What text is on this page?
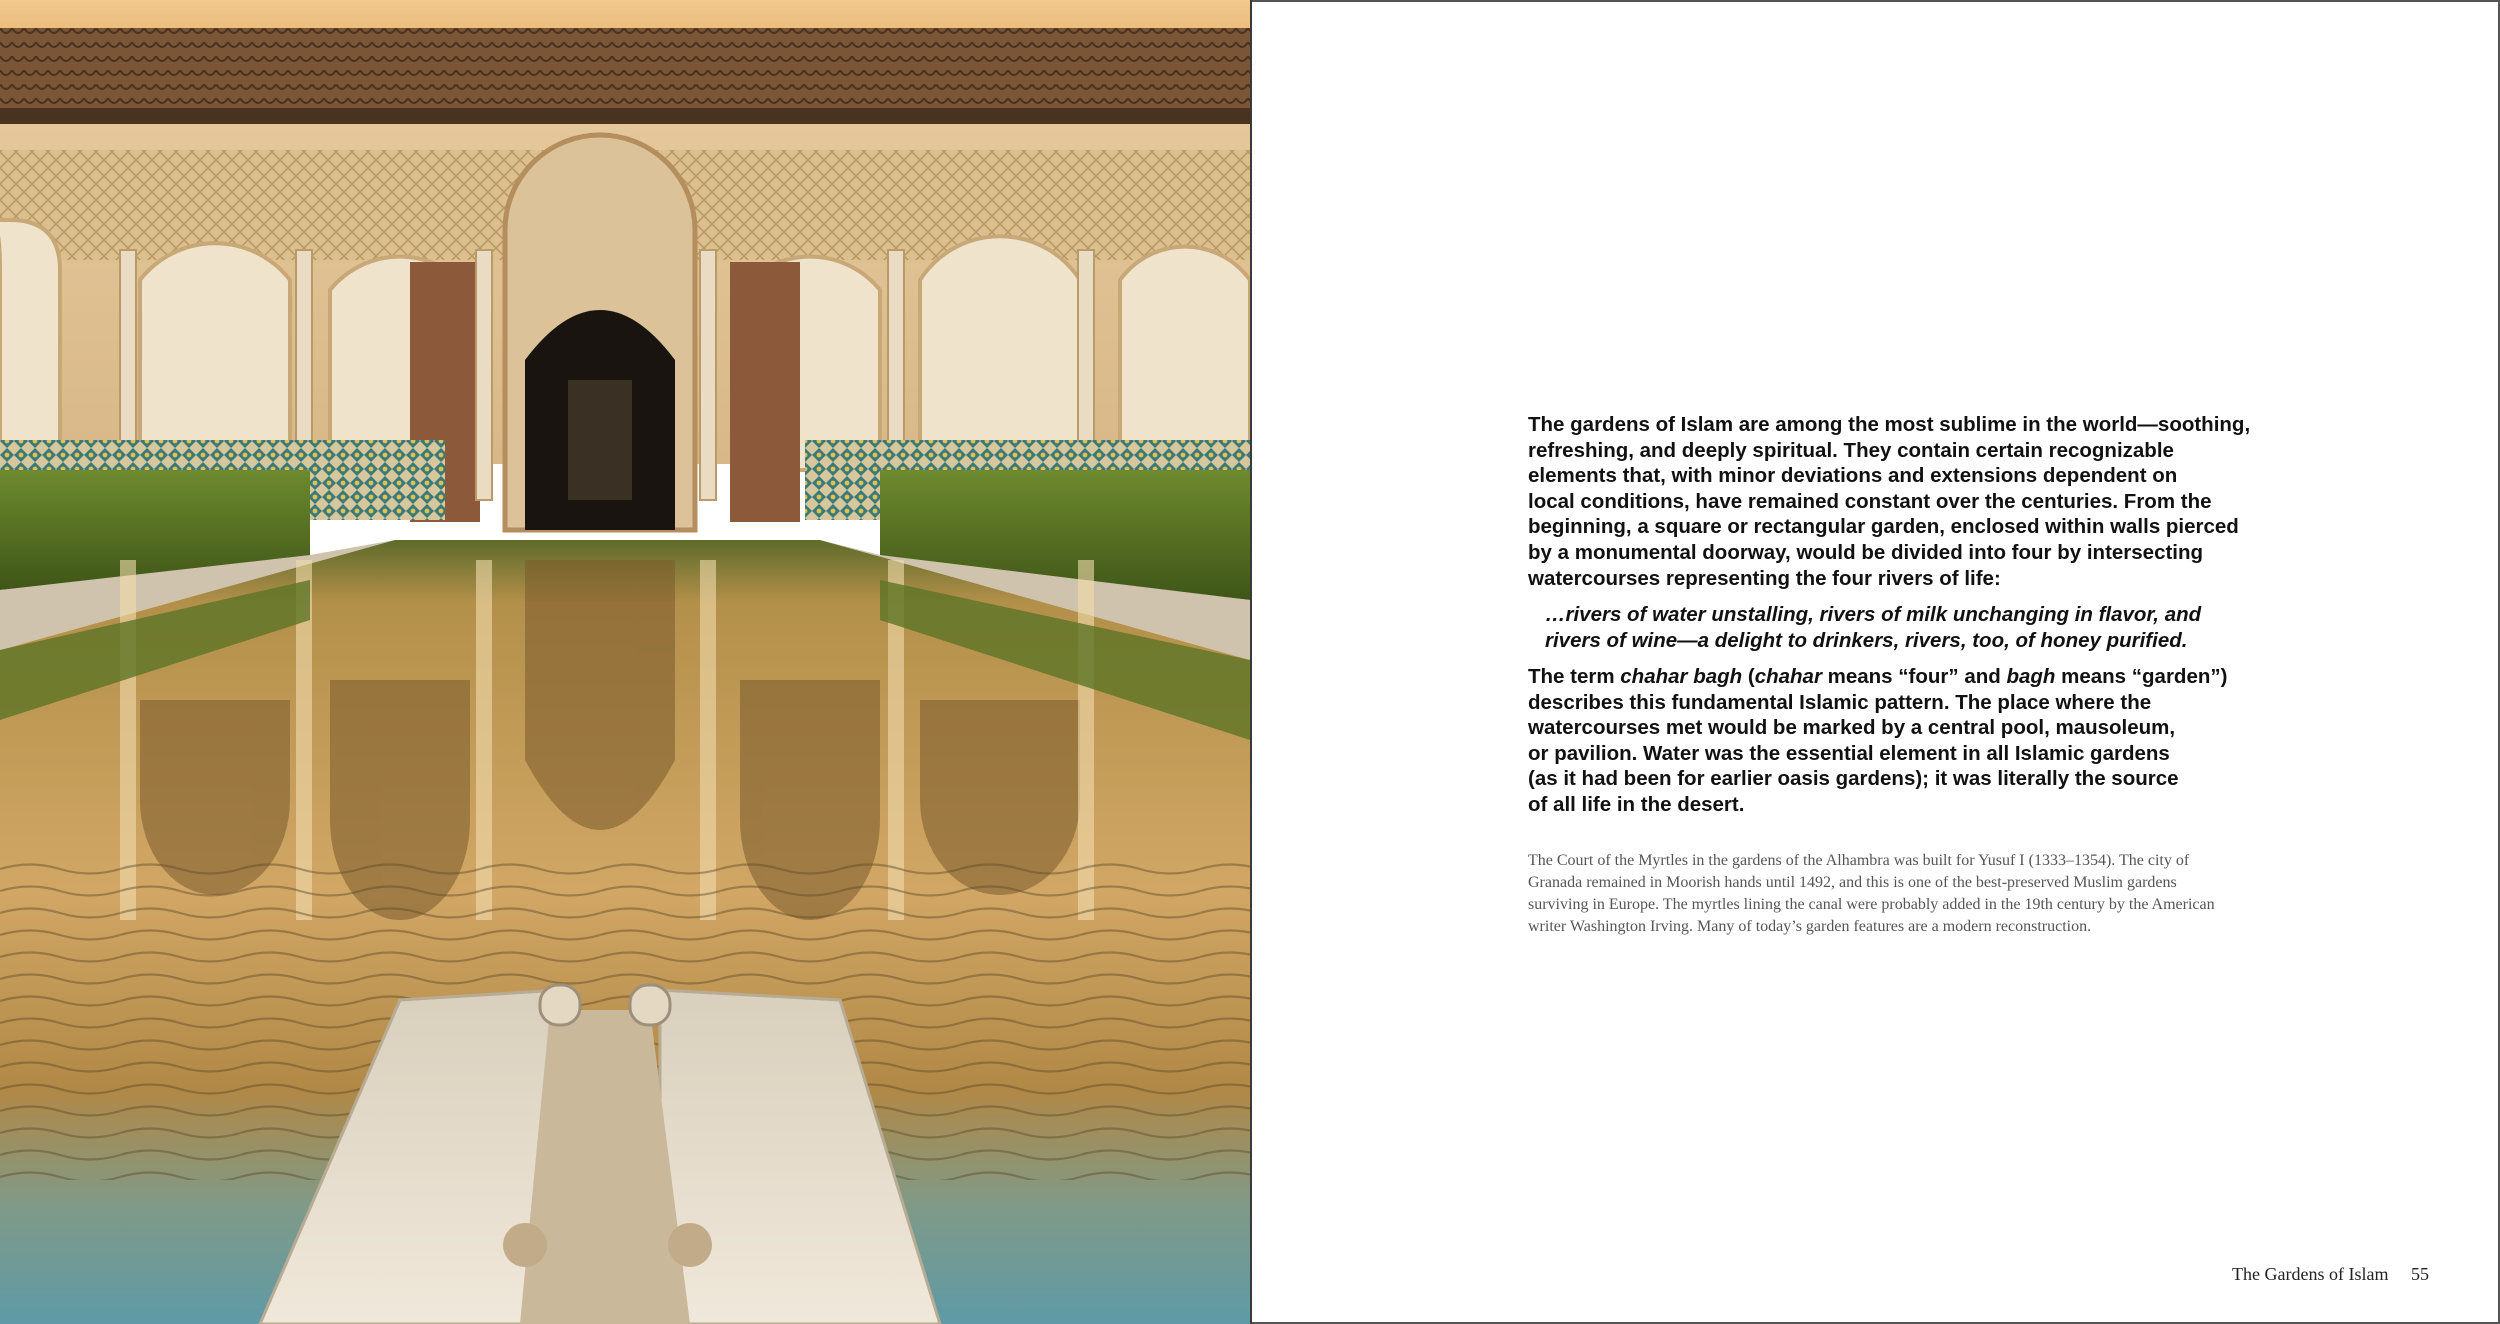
The gardens of Islam are among the most sublime in the world—soothing,
refreshing, and deeply spiritual. They contain certain recognizable
elements that, with minor deviations and extensions dependent on
local conditions, have remained constant over the centuries. From the
beginning, a square or rectangular garden, enclosed within walls pierced
by a monumental doorway, would be divided into four by intersecting
watercourses representing the four rivers of life:

…rivers of water unstalling, rivers of milk unchanging in flavor, and
rivers of wine—a delight to drinkers, rivers, too, of honey purified.

The term chahar bagh (chahar means “four” and bagh means “garden”)
describes this fundamental Islamic pattern. The place where the
watercourses met would be marked by a central pool, mausoleum,
or pavilion. Water was the essential element in all Islamic gardens
(as it had been for earlier oasis gardens); it was literally the source
of all life in the desert.

The Court of the Myrtles in the gardens of the Alhambra was built for Yusuf I (1333–1354). The city of
Granada remained in Moorish hands until 1492, and this is one of the best-preserved Muslim gardens
surviving in Europe. The myrtles lining the canal were probably added in the 19th century by the American
writer Washington Irving. Many of today’s garden features are a modern reconstruction.

The Gardens of Islam 55
